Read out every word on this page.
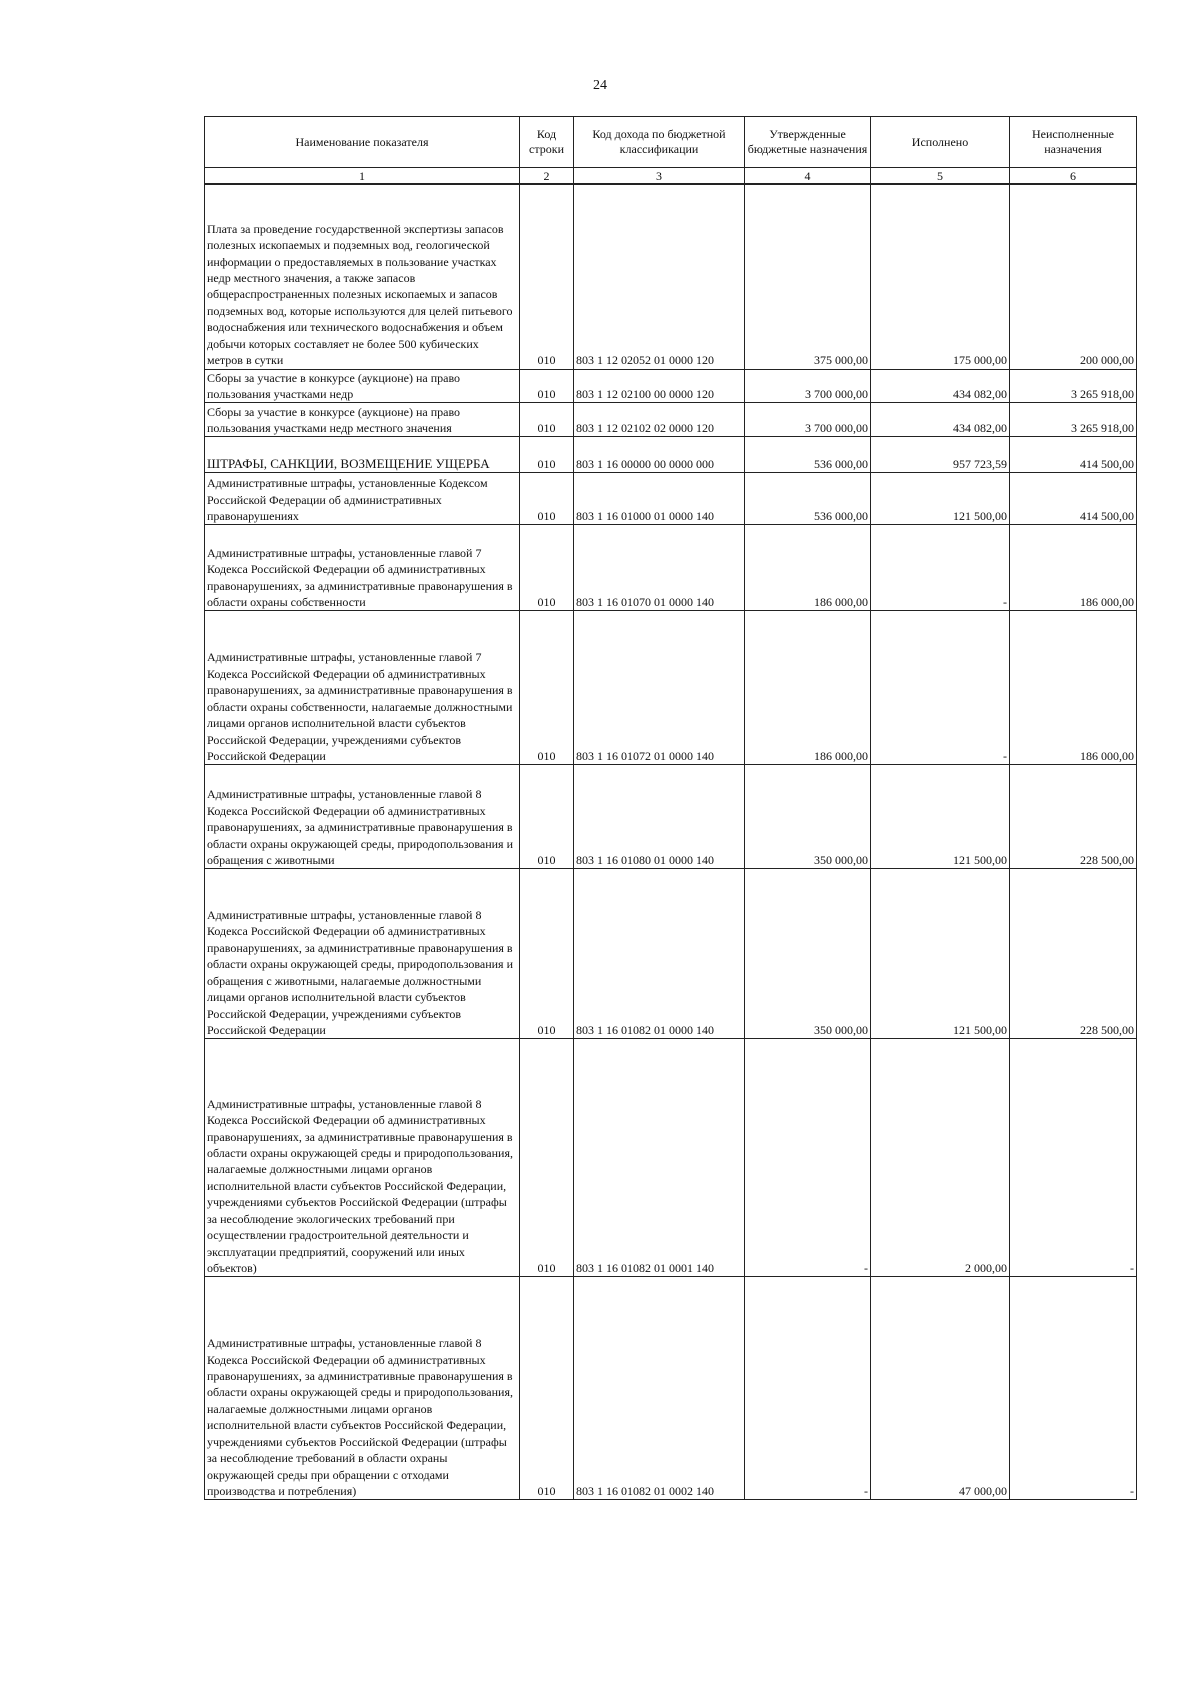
24
Наименование показателя	Код строки	Код дохода по бюджетной классификации	Утвержденные бюджетные назначения	Исполнено	Неисполненные назначения
1	2	3	4	5	6
Плата за проведение государственной экспертизы запасов полезных ископаемых и подземных вод, геологической информации о предоставляемых в пользование участках недр местного значения, а также запасов общераспространенных полезных ископаемых и запасов подземных вод, которые используются для целей питьевого водоснабжения или технического водоснабжения и объем добычи которых составляет не более 500 кубических метров в сутки	010	803 1 12 02052 01 0000 120	375 000,00	175 000,00	200 000,00
Сборы за участие в конкурсе (аукционе) на право пользования участками недр	010	803 1 12 02100 00 0000 120	3 700 000,00	434 082,00	3 265 918,00
Сборы за участие в конкурсе (аукционе) на право пользования участками недр местного значения	010	803 1 12 02102 02 0000 120	3 700 000,00	434 082,00	3 265 918,00
ШТРАФЫ, САНКЦИИ, ВОЗМЕЩЕНИЕ УЩЕРБА	010	803 1 16 00000 00 0000 000	536 000,00	957 723,59	414 500,00
Административные штрафы, установленные Кодексом Российской Федерации об административных правонарушениях	010	803 1 16 01000 01 0000 140	536 000,00	121 500,00	414 500,00
Административные штрафы, установленные главой 7 Кодекса Российской Федерации об административных правонарушениях, за административные правонарушения в области охраны собственности	010	803 1 16 01070 01 0000 140	186 000,00	-	186 000,00
Административные штрафы, установленные главой 7 Кодекса Российской Федерации об административных правонарушениях, за административные правонарушения в области охраны собственности, налагаемые должностными лицами органов исполнительной власти субъектов Российской Федерации, учреждениями субъектов Российской Федерации	010	803 1 16 01072 01 0000 140	186 000,00	-	186 000,00
Административные штрафы, установленные главой 8 Кодекса Российской Федерации об административных правонарушениях, за административные правонарушения в области охраны окружающей среды, природопользования и обращения с животными	010	803 1 16 01080 01 0000 140	350 000,00	121 500,00	228 500,00
Административные штрафы, установленные главой 8 Кодекса Российской Федерации об административных правонарушениях, за административные правонарушения в области охраны окружающей среды, природопользования и обращения с животными, налагаемые должностными лицами органов исполнительной власти субъектов Российской Федерации, учреждениями субъектов Российской Федерации	010	803 1 16 01082 01 0000 140	350 000,00	121 500,00	228 500,00
Административные штрафы, установленные главой 8 Кодекса Российской Федерации об административных правонарушениях, за административные правонарушения в области охраны окружающей среды и природопользования, налагаемые должностными лицами органов исполнительной власти субъектов Российской Федерации, учреждениями субъектов Российской Федерации (штрафы за несоблюдение экологических требований при осуществлении градостроительной деятельности и эксплуатации предприятий, сооружений или иных объектов)	010	803 1 16 01082 01 0001 140	-	2 000,00	-
Административные штрафы, установленные главой 8 Кодекса Российской Федерации об административных правонарушениях, за административные правонарушения в области охраны окружающей среды и природопользования, налагаемые должностными лицами органов исполнительной власти субъектов Российской Федерации, учреждениями субъектов Российской Федерации (штрафы за несоблюдение требований в области охраны окружающей среды при обращении с отходами производства и потребления)	010	803 1 16 01082 01 0002 140	-	47 000,00	-
